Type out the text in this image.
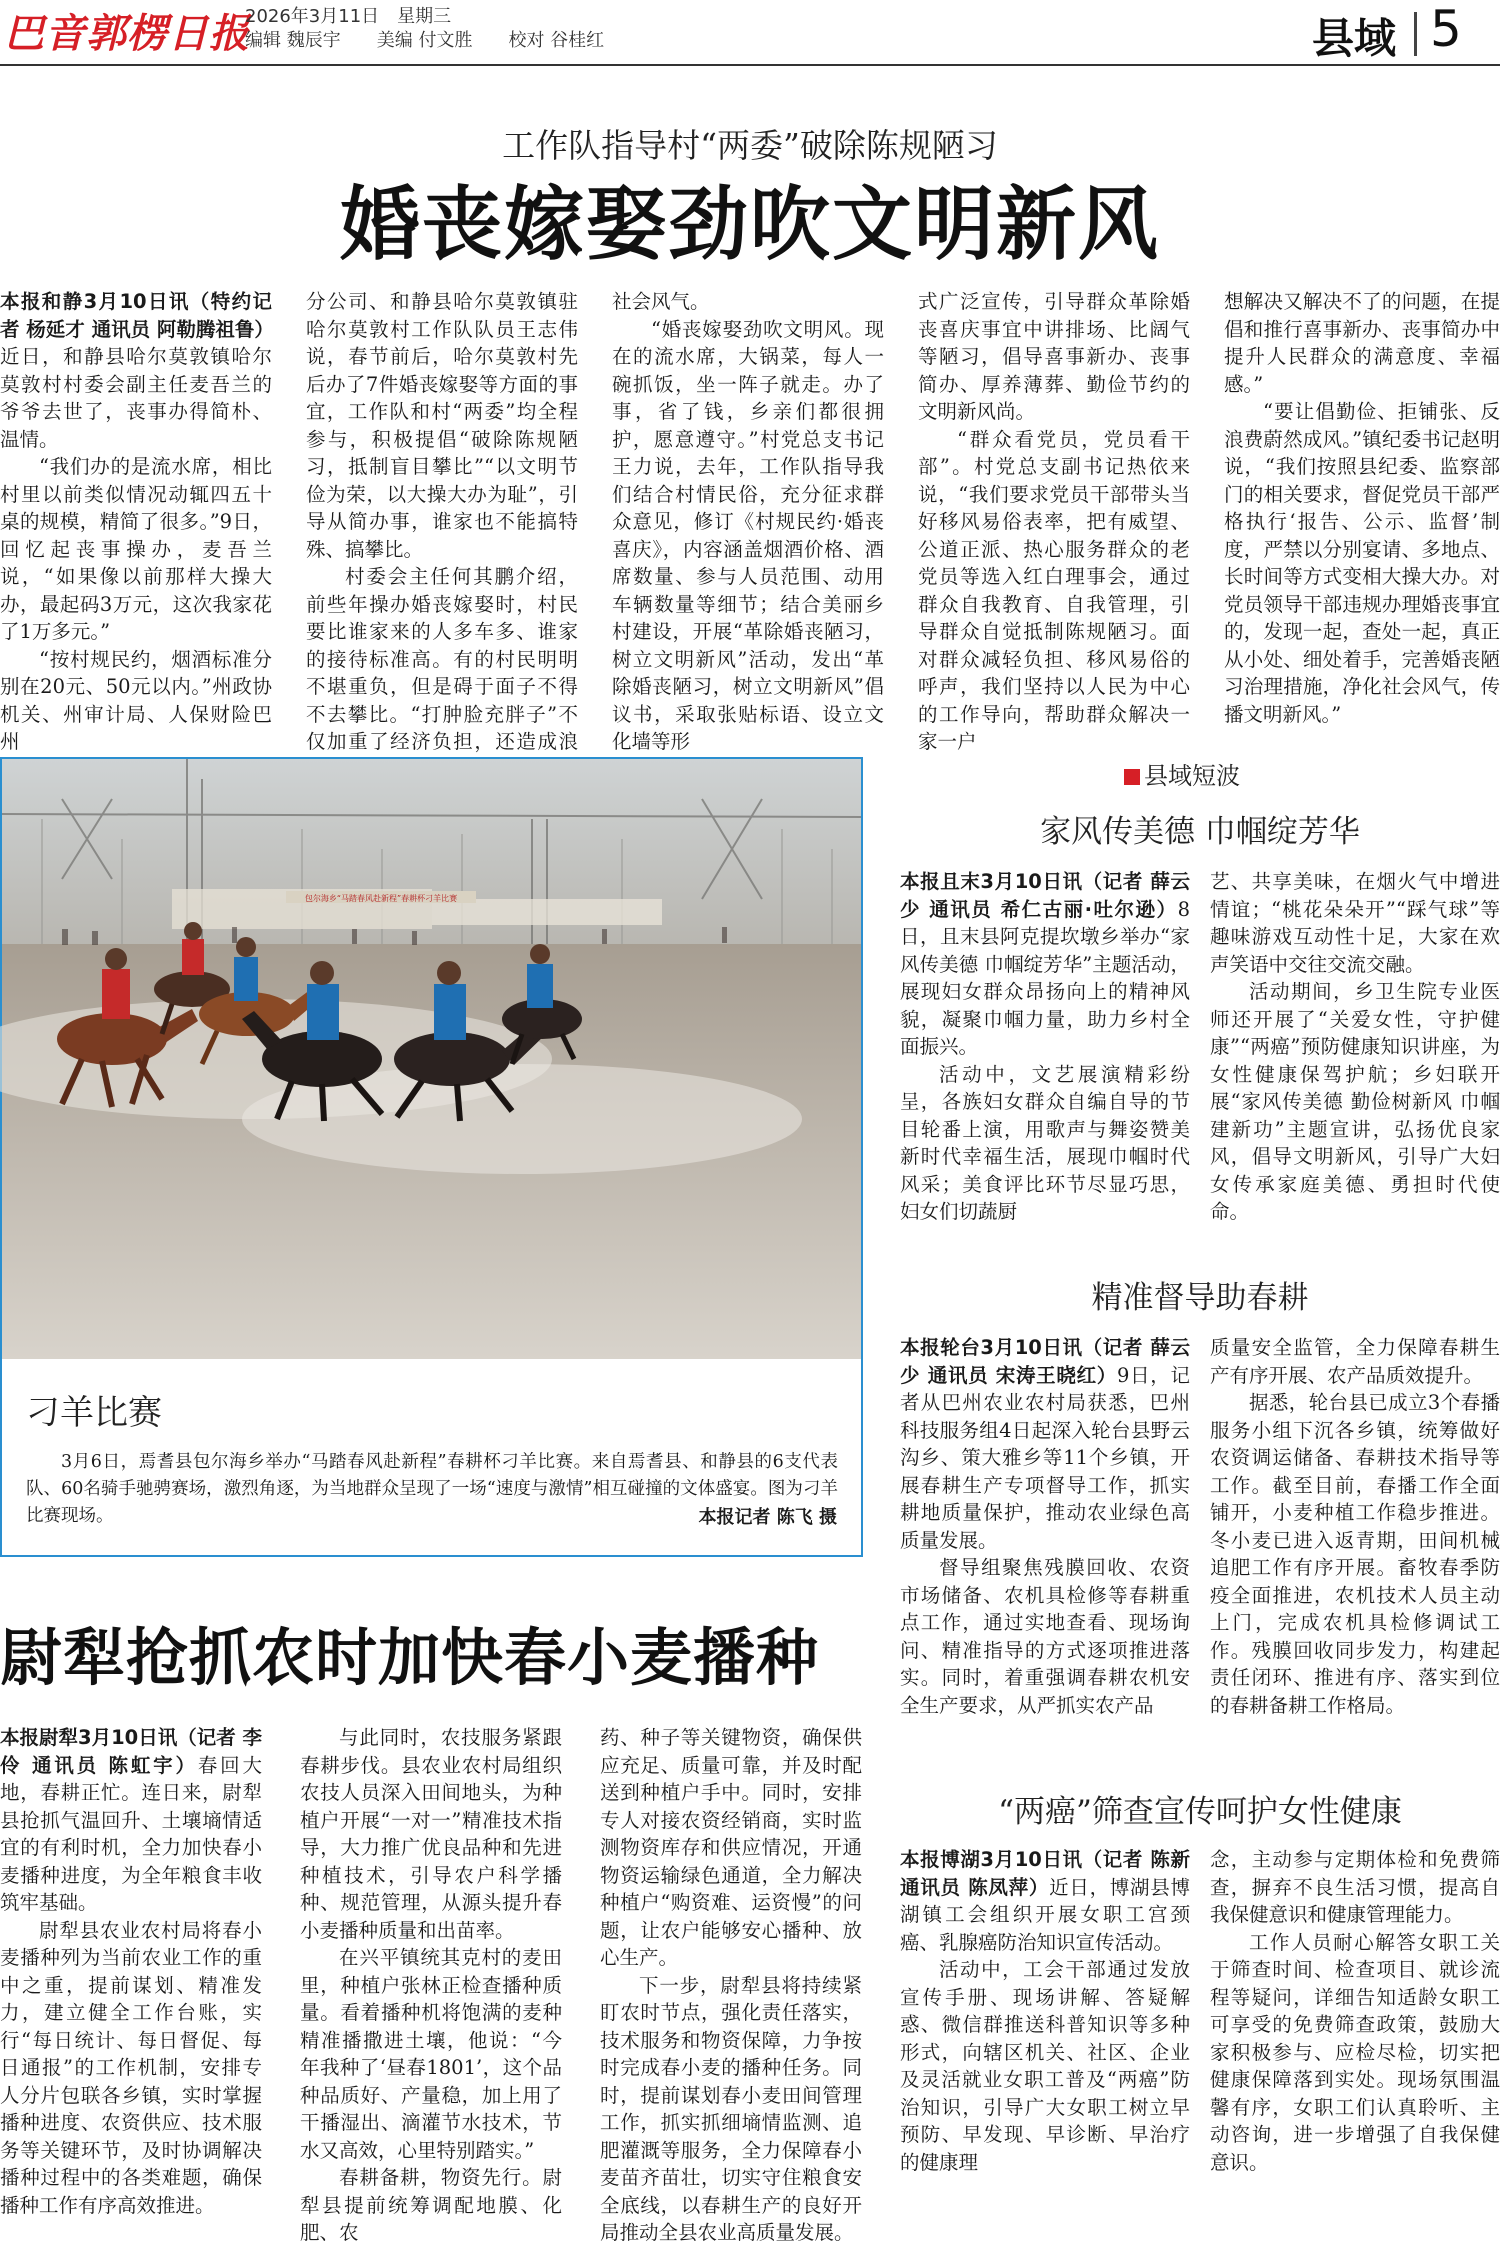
巴音郭楞日报
2026年3月11日　星期三
编辑 魏辰宇　　美编 付文胜　　校对 谷桂红	县域 5
工作队指导村“两委”破除陈规陋习
婚丧嫁娶劲吹文明新风

本报和静3月10日讯（特约记者 杨延才 通讯员 阿勒腾祖鲁）近日，和静县哈尔莫敦镇哈尔莫敦村村委会副主任麦吾兰的爷爷去世了，丧事办得简朴、温情。

“我们办的是流水席，相比村里以前类似情况动辄四五十桌的规模，精简了很多。”9日，回忆起丧事操办，麦吾兰说，“如果像以前那样大操大办，最起码3万元，这次我家花了1万多元。”

“按村规民约，烟酒标准分别在20元、50元以内。”州政协机关、州审计局、人保财险巴州

分公司、和静县哈尔莫敦镇驻哈尔莫敦村工作队队员王志伟说，春节前后，哈尔莫敦村先后办了7件婚丧嫁娶等方面的事宜，工作队和村“两委”均全程参与，积极提倡“破除陈规陋习，抵制盲目攀比”“以文明节俭为荣，以大操大办为耻”，引导从简办事，谁家也不能搞特殊、搞攀比。

村委会主任何其鹏介绍，前些年操办婚丧嫁娶时，村民要比谁家来的人多车多、谁家的接待标准高。有的村民明明不堪重负，但是碍于面子不得不去攀比。“打肿脸充胖子”不仅加重了经济负担，还造成浪

社会风气。

“婚丧嫁娶劲吹文明风。现在的流水席，大锅菜，每人一碗抓饭，坐一阵子就走。办了事，省了钱，乡亲们都很拥护，愿意遵守。”村党总支书记王力说，去年，工作队指导我们结合村情民俗，充分征求群众意见，修订《村规民约·婚丧喜庆》，内容涵盖烟酒价格、酒席数量、参与人员范围、动用车辆数量等细节；结合美丽乡村建设，开展“革除婚丧陋习，树立文明新风”活动，发出“革除婚丧陋习，树立文明新风”倡议书，采取张贴标语、设立文化墙等形

式广泛宣传，引导群众革除婚丧喜庆事宜中讲排场、比阔气等陋习，倡导喜事新办、丧事简办、厚养薄葬、勤俭节约的文明新风尚。

“群众看党员，党员看干部”。村党总支副书记热依来说，“我们要求党员干部带头当好移风易俗表率，把有威望、公道正派、热心服务群众的老党员等选入红白理事会，通过群众自我教育、自我管理，引导群众自觉抵制陈规陋习。面对群众减轻负担、移风易俗的呼声，我们坚持以人民为中心的工作导向，帮助群众解决一家一户

想解决又解决不了的问题，在提倡和推行喜事新办、丧事简办中提升人民群众的满意度、幸福感。”

“要让倡勤俭、拒铺张、反浪费蔚然成风。”镇纪委书记赵明说，“我们按照县纪委、监察部门的相关要求，督促党员干部严格执行‘报告、公示、监督’制度，严禁以分别宴请、多地点、长时间等方式变相大操大办。对党员领导干部违规办理婚丧事宜的，发现一起，查处一起，真正从小处、细处着手，完善婚丧陋习治理措施，净化社会风气，传播文明新风。”

包尔海乡“马踏春风赴新程”春耕杯刁羊比赛
刁羊比赛
3月6日，焉耆县包尔海乡举办“马踏春风赴新程”春耕杯刁羊比赛。来自焉耆县、和静县的6支代表队、60名骑手驰骋赛场，激烈角逐，为当地群众呈现了一场“速度与激情”相互碰撞的文体盛宴。图为刁羊比赛现场。	本报记者 陈飞 摄
县域短波
家风传美德 巾帼绽芳华

本报且末3月10日讯（记者 薛云少 通讯员 希仁古丽·吐尔逊）8日，且末县阿克提坎墩乡举办“家风传美德 巾帼绽芳华”主题活动，展现妇女群众昂扬向上的精神风貌，凝聚巾帼力量，助力乡村全面振兴。

活动中，文艺展演精彩纷呈，各族妇女群众自编自导的节目轮番上演，用歌声与舞姿赞美新时代幸福生活，展现巾帼时代风采；美食评比环节尽显巧思，妇女们切蔬厨

艺、共享美味，在烟火气中增进情谊；“桃花朵朵开”“踩气球”等趣味游戏互动性十足，大家在欢声笑语中交往交流交融。

活动期间，乡卫生院专业医师还开展了“关爱女性，守护健康”“两癌”预防健康知识讲座，为女性健康保驾护航；乡妇联开展“家风传美德 勤俭树新风 巾帼建新功”主题宣讲，弘扬优良家风，倡导文明新风，引导广大妇女传承家庭美德、勇担时代使命。

精准督导助春耕

本报轮台3月10日讯（记者 薛云少 通讯员 宋涛王晓红）9日，记者从巴州农业农村局获悉，巴州科技服务组4日起深入轮台县野云沟乡、策大雅乡等11个乡镇，开展春耕生产专项督导工作，抓实耕地质量保护，推动农业绿色高质量发展。

督导组聚焦残膜回收、农资市场储备、农机具检修等春耕重点工作，通过实地查看、现场询问、精准指导的方式逐项推进落实。同时，着重强调春耕农机安全生产要求，从严抓实农产品

质量安全监管，全力保障春耕生产有序开展、农产品质效提升。

据悉，轮台县已成立3个春播服务小组下沉各乡镇，统筹做好农资调运储备、春耕技术指导等工作。截至目前，春播工作全面铺开，小麦种植工作稳步推进。冬小麦已进入返青期，田间机械追肥工作有序开展。畜牧春季防疫全面推进，农机技术人员主动上门，完成农机具检修调试工作。残膜回收同步发力，构建起责任闭环、推进有序、落实到位的春耕备耕工作格局。

“两癌”筛查宣传呵护女性健康

本报博湖3月10日讯（记者 陈新 通讯员 陈凤萍）近日，博湖县博湖镇工会组织开展女职工宫颈癌、乳腺癌防治知识宣传活动。

活动中，工会干部通过发放宣传手册、现场讲解、答疑解惑、微信群推送科普知识等多种形式，向辖区机关、社区、企业及灵活就业女职工普及“两癌”防治知识，引导广大女职工树立早预防、早发现、早诊断、早治疗的健康理

念，主动参与定期体检和免费筛查，摒弃不良生活习惯，提高自我保健意识和健康管理能力。

工作人员耐心解答女职工关于筛查时间、检查项目、就诊流程等疑问，详细告知适龄女职工可享受的免费筛查政策，鼓励大家积极参与、应检尽检，切实把健康保障落到实处。现场氛围温馨有序，女职工们认真聆听、主动咨询，进一步增强了自我保健意识。

尉犁抢抓农时加快春小麦播种

本报尉犁3月10日讯（记者 李伶 通讯员 陈虹宇）春回大地，春耕正忙。连日来，尉犁县抢抓气温回升、土壤墒情适宜的有利时机，全力加快春小麦播种进度，为全年粮食丰收筑牢基础。

尉犁县农业农村局将春小麦播种列为当前农业工作的重中之重，提前谋划、精准发力，建立健全工作台账，实行“每日统计、每日督促、每日通报”的工作机制，安排专人分片包联各乡镇，实时掌握播种进度、农资供应、技术服务等关键环节，及时协调解决播种过程中的各类难题，确保播种工作有序高效推进。

与此同时，农技服务紧跟春耕步伐。县农业农村局组织农技人员深入田间地头，为种植户开展“一对一”精准技术指导，大力推广优良品种和先进种植技术，引导农户科学播种、规范管理，从源头提升春小麦播种质量和出苗率。

在兴平镇统其克村的麦田里，种植户张林正检查播种质量。看着播种机将饱满的麦种精准播撒进土壤，他说：“今年我种了‘昼春1801’，这个品种品质好、产量稳，加上用了干播湿出、滴灌节水技术，节水又高效，心里特别踏实。”

春耕备耕，物资先行。尉犁县提前统筹调配地膜、化肥、农

药、种子等关键物资，确保供应充足、质量可靠，并及时配送到种植户手中。同时，安排专人对接农资经销商，实时监测物资库存和供应情况，开通物资运输绿色通道，全力解决种植户“购资难、运资慢”的问题，让农户能够安心播种、放心生产。

下一步，尉犁县将持续紧盯农时节点，强化责任落实，技术服务和物资保障，力争按时完成春小麦的播种任务。同时，提前谋划春小麦田间管理工作，抓实抓细墒情监测、追肥灌溉等服务，全力保障春小麦苗齐苗壮，切实守住粮食安全底线，以春耕生产的良好开局推动全县农业高质量发展。
